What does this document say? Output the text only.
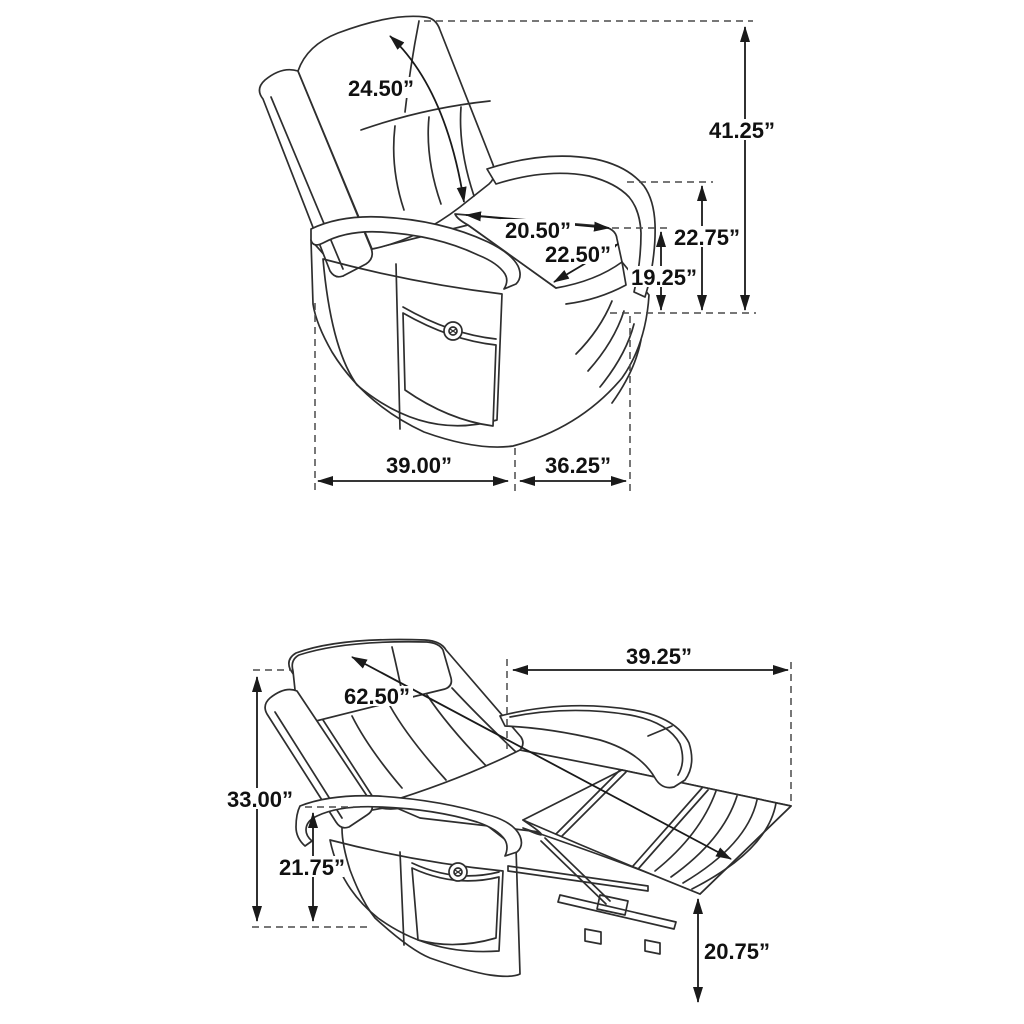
24.50”
41.25”
20.50”
22.50”
22.75”
19.25”
39.00”	36.25”
62.50”
39.25”
33.00”
21.75”
20.75”
